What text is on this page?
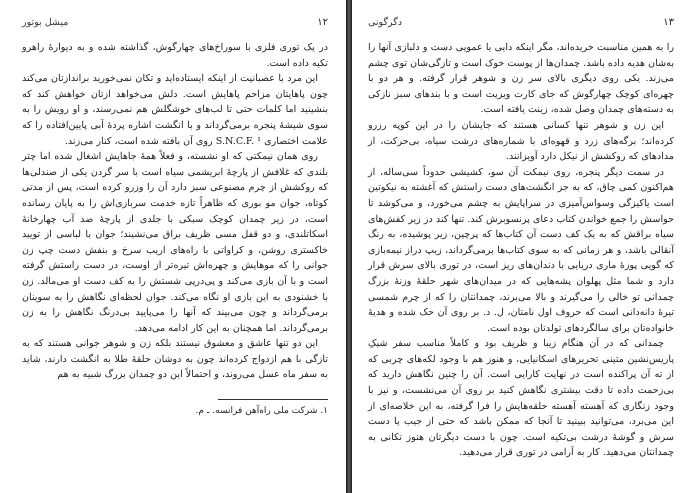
۱۲
میشل بوتور

در یک توری فلزی با سوراخ‌های چهارگوش، گذاشته شده و به دیوارهٔ راهرو تکیه داده است.

این مرد با عصبانیت از اینکه ایستاده‌اید و تکان نمی‌خورید برانداز‌تان می‌کند چون پاهایتان مزاحم پاهایش است. دلش می‌خواهد ازتان خواهش کند که بنشینید اما کلمات حتی تا لب‌های خوشگلش هم نمی‌رسند، و او رویش را به سوی شیشهٔ پنجره برمی‌گرداند و با انگشت اشاره پردهٔ آبی پایین‌افتاده را که علامت اختصاری S.N.C.F. ¹ روی آن بافته شده است، کنار می‌زند.

روی همان نیمکتی که او نشسته، و فعلاً همهٔ جاهایش اشغال شده اما چتر بلندی که غلافش از پارچهٔ ابریشمی سیاه است با سر گردن یکی از صندلی‌ها که روکشش از چرم مصنوعی سبز دارد آن را وزرو کرده است، پس از مدتی کوتاه، جوان مو بوری که ظاهراً تازه خدمت سربازی‌اش را به پایان رسانده است، در زیر چمدان کوچک سبکی با جلدی از پارچهٔ ضد آب چهارخانهٔ اسکاتلندی، و دو قفل مسی ظریف براق می‌نشیند؛ جوان با لباسی از تویید خاکستری روشن، و کراواتی با راه‌های اریب سرخ و بنفش دست چپ زن جوانی را که موهایش و چهره‌اش تیره‌تر از اوست، در دست راستش گرفته است و با آن بازی می‌کند و پی‌درپی شستش را به کف دست او می‌مالد. زن با خشنودی به این بازی او نگاه می‌کند. جوان لحظه‌ای نگاهش را به سوینان برمی‌گرداند و چون می‌بیند که آنها را می‌پایید بی‌درنگ نگاهش را به زن برمی‌گرداند. اما همچنان به این کار ادامه می‌دهد.

این دو تنها عاشق و معشوق نیستند بلکه زن و شوهر جوانی هستند که به تازگی با هم ازدواج کرده‌اند چون به دوشان حلقهٔ طلا به انگشت دارند، شاید به سفر ماه عسل می‌روند، و احتمالاً این دو چمدان بزرگ شبیه به هم

۱. شرکت ملی راه‌آهن فرانسه. ـ م.
۱۳
دگرگونی

را به همین مناسبت خریده‌اند، مگر اینکه دایی یا عمویی دست و دلبازی آنها را به‌شان هدیه داده باشد. چمدان‌ها از پوست خوک است و تازگی‌شان توی چشم می‌زند. یکی روی دیگری بالای سر زن و شوهر قرار گرفته. و هر دو با چهره‌ای کوچک چهارگوش که جای کارت ویزیت است و با بندهای سبز نازکی به دسته‌های چمدان وصل شده، زینت یافته است.

این زن و شوهر تنها کسانی هستند که جایشان را در این کوپه رزرو کرده‌اند؛ برگه‌های زرد و قهوه‌ای با شماره‌های درشت سیاه، بی‌حرکت، از مدادهای که روکشش از نیکل دارد آویزانند.

در سمت دیگر پنجره، روی نیمکت آن سو، کشیشی حدوداً سی‌ساله، از هم‌اکنون کمی چاق، که به جز انگشت‌های دست راستش که آغشته به نیکوتین است یاکیزگی وسواس‌آمیزی در سراپایش به چشم می‌خورد، و می‌کوشد تا حواسش را جمع خواندن کتاب دعای پرنسوبرش کند. تنها کند در زیر کفش‌های سیاه براقش که به یک کف دست آن کتاب‌ها که پرچین، زیر پوشیده، به رنگ آنقالی باشد، و هر زمانی که به سوی کتاب‌ها برمی‌گرداند، زیپ دراز نیمه‌بازی که گویی پوزهٔ ماری دریایی با دندان‌های ریز است، در توری بالای سرش قرار دارد و شما مثل پهلوان پشه‌هایی که در میدان‌های شهر حلقهٔ وزنهٔ بزرگ چمدانی تو خالی را می‌گیرند و بالا می‌برند، چمدانتان را که از چرم شمسی تیرهٔ دانه‌دانی است که حروف اول نامتان، ل. د. بر روی آن حک شده و هدیهٔ خانواده‌تان برای سالگردهای تولدتان بوده است.

چمدانی که در آن هنگام زیبا و ظریف بود و کاملاً مناسب سفر شیکِ پاریس‌نشین متینی تحریرهای اسکانیایی، و هنوز هم با وجود لکه‌های چربی که از ته آن پراکنده است در نهایت کارایی است. آن را چنین نگاهش دارید که بی‌زحمت داده تا دقت بیشتری نگاهش کنید بر روی آن می‌نشست، و نیز با وجود زنگاری که آهسته آهسته حلقه‌هایش را فرا گرفته، به این خلاصه‌ای از این می‌برد، می‌توانید ببینید تا آنجا که ممکن باشد که حتی از جیب یا دست سرش و گوشهٔ درشت بی‌تکیه است. چون با دست دیگرتان هنوز تکانی به چمدانتان می‌دهید. کار به آرامی در توری قرار می‌دهید.
